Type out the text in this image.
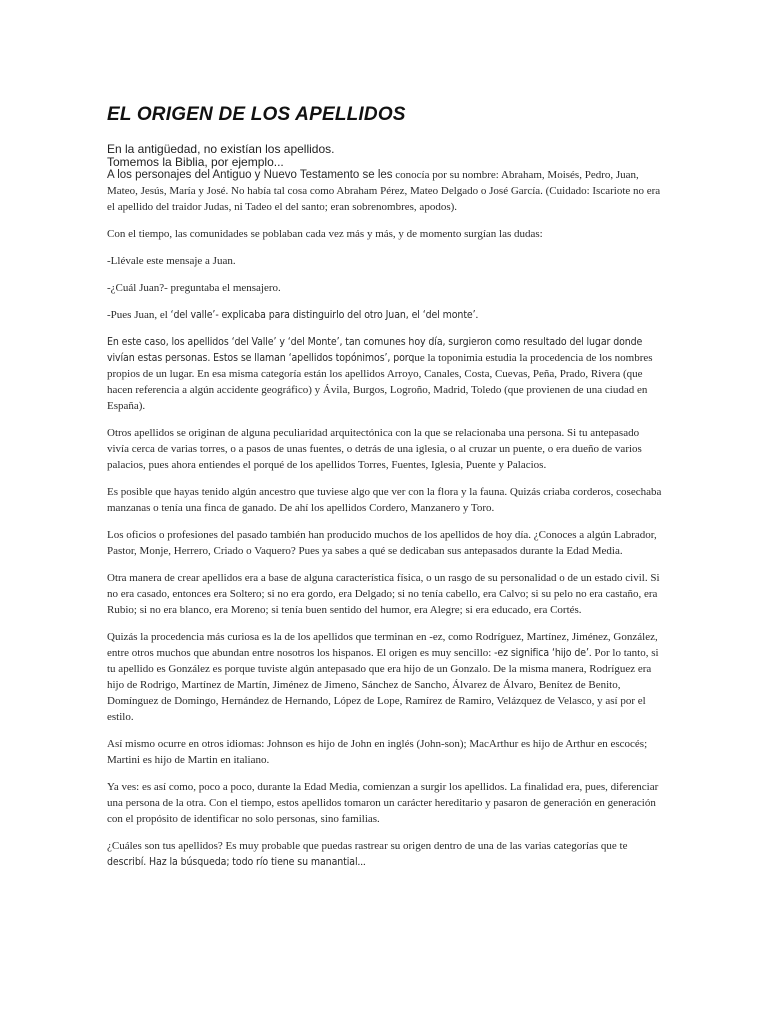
EL ORIGEN DE LOS APELLIDOS
En la antigüedad, no existían los apellidos.
Tomemos la Biblia, por ejemplo...

A los personajes del Antiguo y Nuevo Testamento se les conocía por su nombre: Abraham, Moisés, Pedro, Juan, Mateo, Jesús, María y José. No había tal cosa como Abraham Pérez, Mateo Delgado o José García. (Cuidado: Iscariote no era el apellido del traidor Judas, ni Tadeo el del santo; eran sobrenombres, apodos).

Con el tiempo, las comunidades se poblaban cada vez más y más, y de momento surgían las dudas:

-Llévale este mensaje a Juan.

-¿Cuál Juan?- preguntaba el mensajero.

-Pues Juan, el ‘del valle’- explicaba para distinguirlo del otro Juan, el ‘del monte’.

En este caso, los apellidos ‘del Valle’ y ‘del Monte’, tan comunes hoy día, surgieron como resultado del lugar donde vivían estas personas. Estos se llaman ‘apellidos topónimos’, porque la toponimia estudia la procedencia de los nombres propios de un lugar. En esa misma categoría están los apellidos Arroyo, Canales, Costa, Cuevas, Peña, Prado, Rivera (que hacen referencia a algún accidente geográfico) y Ávila, Burgos, Logroño, Madrid, Toledo (que provienen de una ciudad en España).

Otros apellidos se originan de alguna peculiaridad arquitectónica con la que se relacionaba una persona. Si tu antepasado vivía cerca de varias torres, o a pasos de unas fuentes, o detrás de una iglesia, o al cruzar un puente, o era dueño de varios palacios, pues ahora entiendes el porqué de los apellidos Torres, Fuentes, Iglesia, Puente y Palacios.

Es posible que hayas tenido algún ancestro que tuviese algo que ver con la flora y la fauna. Quizás criaba corderos, cosechaba manzanas o tenía una finca de ganado. De ahí los apellidos Cordero, Manzanero y Toro.

Los oficios o profesiones del pasado también han producido muchos de los apellidos de hoy día. ¿Conoces a algún Labrador, Pastor, Monje, Herrero, Criado o Vaquero? Pues ya sabes a qué se dedicaban sus antepasados durante la Edad Media.

Otra manera de crear apellidos era a base de alguna característica física, o un rasgo de su personalidad o de un estado civil. Si no era casado, entonces era Soltero; si no era gordo, era Delgado; si no tenía cabello, era Calvo; si su pelo no era castaño, era Rubio; si no era blanco, era Moreno; si tenía buen sentido del humor, era Alegre; si era educado, era Cortés.

Quizás la procedencia más curiosa es la de los apellidos que terminan en -ez, como Rodríguez, Martínez, Jiménez, González, entre otros muchos que abundan entre nosotros los hispanos. El origen es muy sencillo: -ez significa ‘hijo de’. Por lo tanto, si tu apellido es González es porque tuviste algún antepasado que era hijo de un Gonzalo. De la misma manera, Rodríguez era hijo de Rodrigo, Martínez de Martín, Jiménez de Jimeno, Sánchez de Sancho, Álvarez de Álvaro, Benítez de Benito, Domínguez de Domingo, Hernández de Hernando, López de Lope, Ramírez de Ramiro, Velázquez de Velasco, y así por el estilo.

Así mismo ocurre en otros idiomas: Johnson es hijo de John en inglés (John-son); MacArthur es hijo de Arthur en escocés; Martini es hijo de Martin en italiano.

Ya ves: es así como, poco a poco, durante la Edad Media, comienzan a surgir los apellidos. La finalidad era, pues, diferenciar una persona de la otra. Con el tiempo, estos apellidos tomaron un carácter hereditario y pasaron de generación en generación con el propósito de identificar no solo personas, sino familias.

¿Cuáles son tus apellidos? Es muy probable que puedas rastrear su origen dentro de una de las varias categorías que te describí. Haz la búsqueda; todo río tiene su manantial...
